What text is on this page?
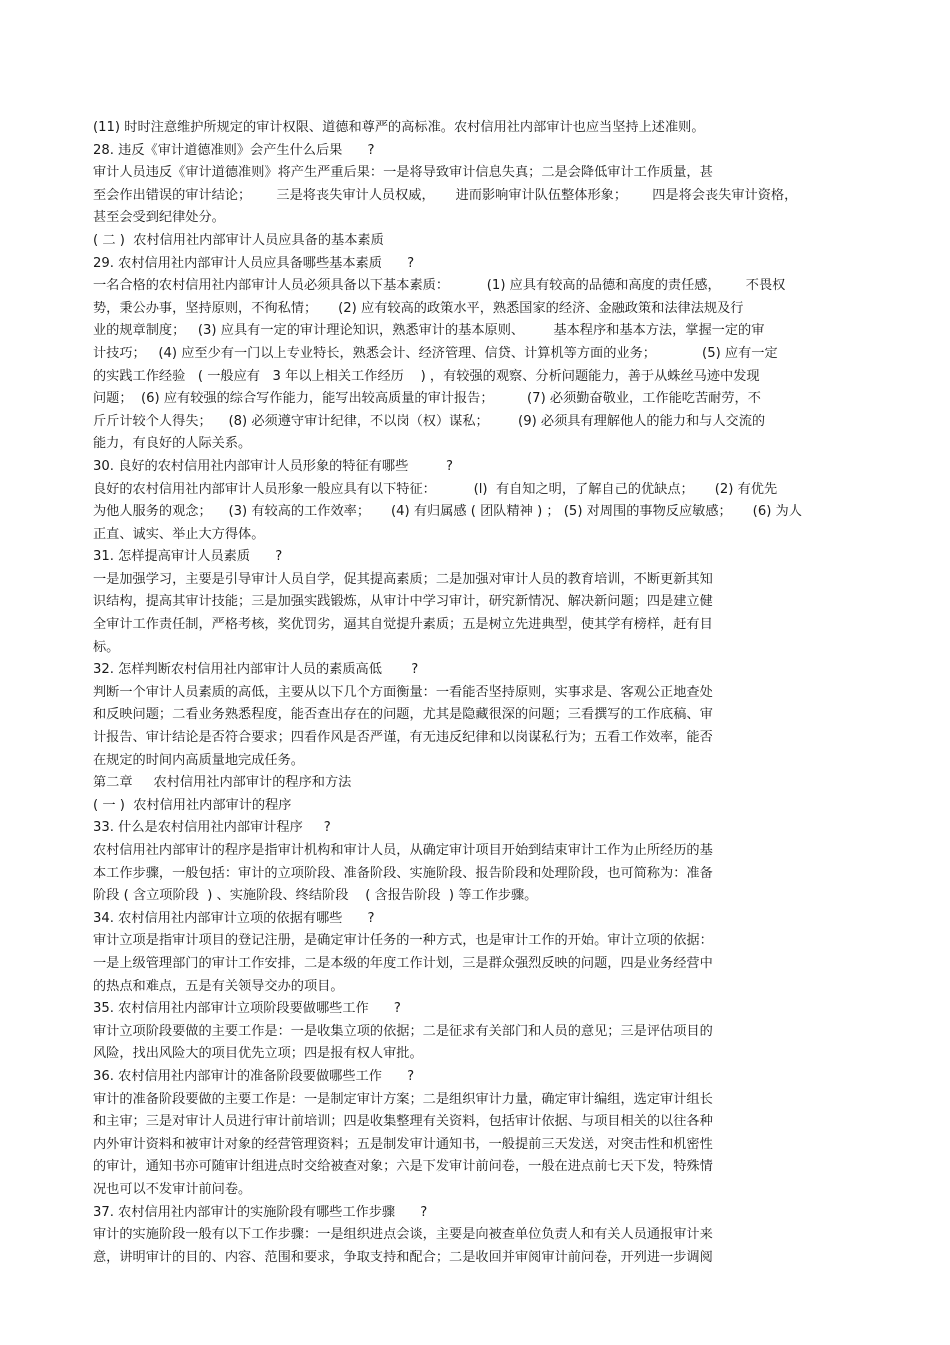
(11) 时时注意维护所规定的审计权限、道德和尊严的高标准。农村信用社内部审计也应当坚持上述准则。
28. 违反《审计道德准则》会产生什么后果      ?
审计人员违反《审计道德准则》将产生严重后果：一是将导致审计信息失真；二是会降低审计工作质量，甚
至会作出错误的审计结论；      三是将丧失审计人员权威，     进而影响审计队伍整体形象；      四是将会丧失审计资格，
甚至会受到纪律处分。
( 二 )  农村信用社内部审计人员应具备的基本素质
29. 农村信用社内部审计人员应具备哪些基本素质      ?
一名合格的农村信用社内部审计人员必须具备以下基本素质：         (1) 应具有较高的品德和高度的责任感，      不畏权
势，秉公办事，坚持原则，不徇私情；     (2) 应有较高的政策水平，熟悉国家的经济、金融政策和法律法规及行
业的规章制度；   (3) 应具有一定的审计理论知识，熟悉审计的基本原则、       基本程序和基本方法，掌握一定的审
计技巧；   (4) 应至少有一门以上专业特长，熟悉会计、经济管理、信贷、计算机等方面的业务；           (5) 应有一定
的实践工作经验   ( 一般应有   3 年以上相关工作经历    ) ，有较强的观察、分析问题能力，善于从蛛丝马迹中发现
问题；  (6) 应有较强的综合写作能力，能写出较高质量的审计报告；        (7) 必须勤奋敬业，工作能吃苦耐劳，不
斤斤计较个人得失；    (8) 必须遵守审计纪律，不以岗（权）谋私；       (9) 必须具有理解他人的能力和与人交流的
能力，有良好的人际关系。
30. 良好的农村信用社内部审计人员形象的特征有哪些         ?
良好的农村信用社内部审计人员形象一般应具有以下特征：         (l)  有自知之明，了解自己的优缺点；     (2) 有优先
为他人服务的观念；    (3) 有较高的工作效率；     (4) 有归属感 ( 团队精神 ) ； (5) 对周围的事物反应敏感；     (6) 为人
正直、诚实、举止大方得体。
31. 怎样提高审计人员素质      ?
一是加强学习，主要是引导审计人员自学，促其提高素质；二是加强对审计人员的教育培训，不断更新其知
识结构，提高其审计技能；三是加强实践锻炼，从审计中学习审计，研究新情况、解决新问题；四是建立健
全审计工作责任制，严格考核，奖优罚劣，逼其自觉提升素质；五是树立先进典型，使其学有榜样，赶有目
标。
32. 怎样判断农村信用社内部审计人员的素质高低       ?
判断一个审计人员素质的高低，主要从以下几个方面衡量：一看能否坚持原则，实事求是、客观公正地查处
和反映问题；二看业务熟悉程度，能否查出存在的问题，尤其是隐藏很深的问题；三看撰写的工作底稿、审
计报告、审计结论是否符合要求；四看作风是否严谨，有无违反纪律和以岗谋私行为；五看工作效率，能否
在规定的时间内高质量地完成任务。
第二章     农村信用社内部审计的程序和方法
( 一 )  农村信用社内部审计的程序
33. 什么是农村信用社内部审计程序     ?
农村信用社内部审计的程序是指审计机构和审计人员，从确定审计项目开始到结束审计工作为止所经历的基
本工作步骤，一般包括：审计的立项阶段、准备阶段、实施阶段、报告阶段和处理阶段，也可简称为：准备
阶段 ( 含立项阶段  ) 、实施阶段、终结阶段    ( 含报告阶段  ) 等工作步骤。
34. 农村信用社内部审计立项的依据有哪些      ?
审计立项是指审计项目的登记注册，是确定审计任务的一种方式，也是审计工作的开始。审计立项的依据：
一是上级管理部门的审计工作安排，二是本级的年度工作计划，三是群众强烈反映的问题，四是业务经营中
的热点和难点，五是有关领导交办的项目。
35. 农村信用社内部审计立项阶段要做哪些工作      ?
审计立项阶段要做的主要工作是：一是收集立项的依据；二是征求有关部门和人员的意见；三是评估项目的
风险，找出风险大的项目优先立项；四是报有权人审批。
36. 农村信用社内部审计的准备阶段要做哪些工作      ?
审计的准备阶段要做的主要工作是：一是制定审计方案；二是组织审计力量，确定审计编组，选定审计组长
和主审；三是对审计人员进行审计前培训；四是收集整理有关资料，包括审计依据、与项目相关的以往各种
内外审计资料和被审计对象的经营管理资料；五是制发审计通知书，一般提前三天发送，对突击性和机密性
的审计，通知书亦可随审计组进点时交给被查对象；六是下发审计前问卷，一般在进点前七天下发，特殊情
况也可以不发审计前问卷。
37. 农村信用社内部审计的实施阶段有哪些工作步骤      ?
审计的实施阶段一般有以下工作步骤：一是组织进点会谈，主要是向被查单位负责人和有关人员通报审计来
意，讲明审计的目的、内容、范围和要求，争取支持和配合；二是收回并审阅审计前问卷，开列进一步调阅
